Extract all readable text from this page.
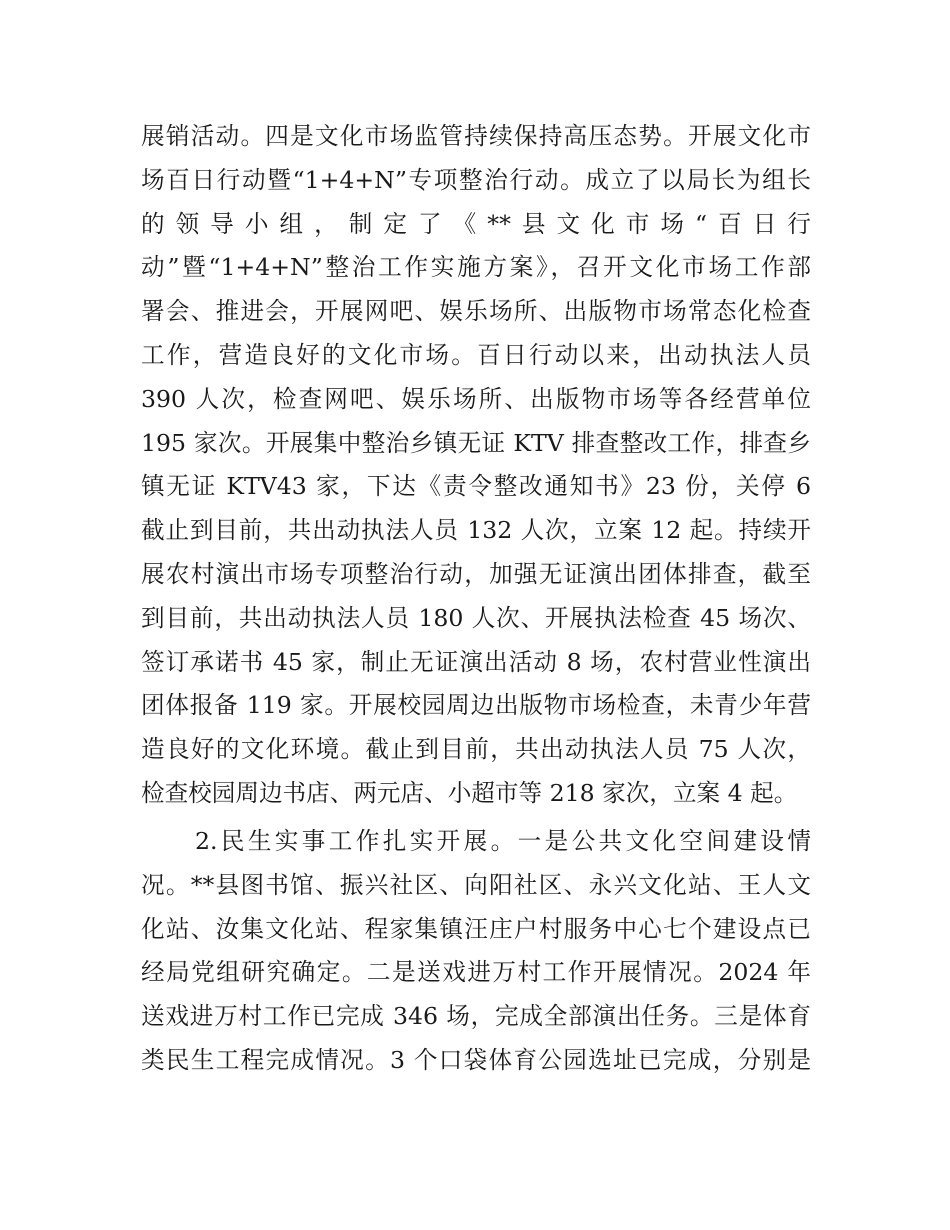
展销活动。四是文化市场监管持续保持高压态势。开展文化市
场百日行动暨“1+4+N”专项整治行动。成立了以局长为组长
的领导小组，制定了《**县文化市场“百日行
动”暨“1+4+N”整治工作实施方案》，召开文化市场工作部
署会、推进会，开展网吧、娱乐场所、出版物市场常态化检查
工作，营造良好的文化市场。百日行动以来，出动执法人员
390 人次，检查网吧、娱乐场所、出版物市场等各经营单位
195 家次。开展集中整治乡镇无证 KTV 排查整改工作，排查乡
镇无证 KTV43 家，下达《责令整改通知书》23 份，关停 6
截止到目前，共出动执法人员 132 人次，立案 12 起。持续开
展农村演出市场专项整治行动，加强无证演出团体排查，截至
到目前，共出动执法人员 180 人次、开展执法检查 45 场次、
签订承诺书 45 家，制止无证演出活动 8 场，农村营业性演出
团体报备 119 家。开展校园周边出版物市场检查，未青少年营
造良好的文化环境。截止到目前，共出动执法人员 75 人次，
检查校园周边书店、两元店、小超市等 218 家次，立案 4 起。
　　2.民生实事工作扎实开展。一是公共文化空间建设情
况。**县图书馆、振兴社区、向阳社区、永兴文化站、王人文
化站、汝集文化站、程家集镇汪庄户村服务中心七个建设点已
经局党组研究确定。二是送戏进万村工作开展情况。2024 年
送戏进万村工作已完成 346 场，完成全部演出任务。三是体育
类民生工程完成情况。3 个口袋体育公园选址已完成，分别是
